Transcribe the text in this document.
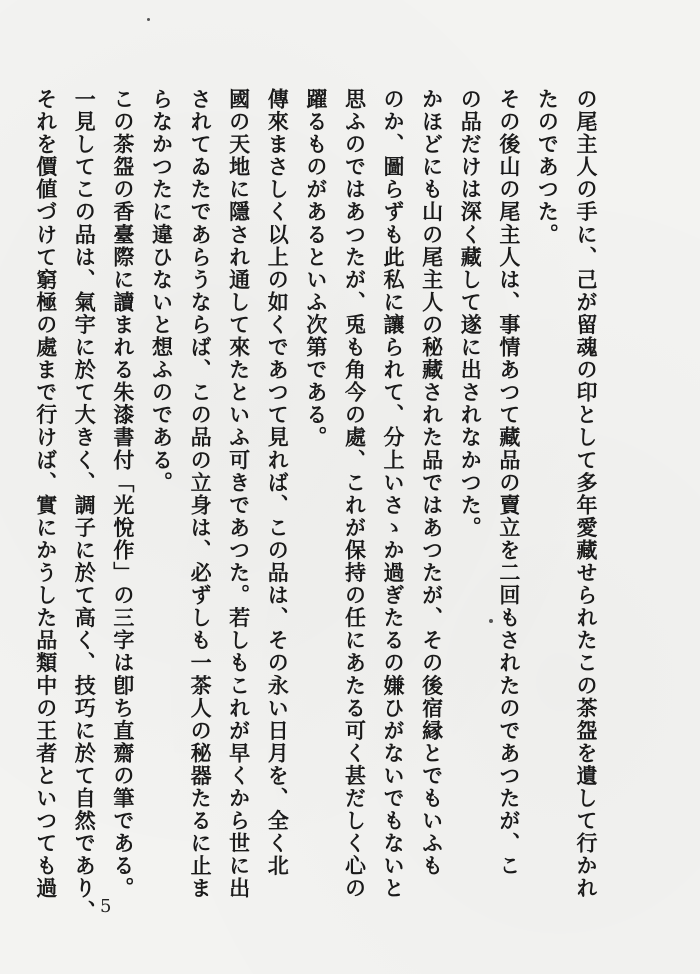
の尾主人の手に、己が留魂の印として多年愛藏せられたこの茶盌を遺して行かれ
たのであつた。
その後山の尾主人は、事情あつて藏品の賣立を二回もされたのであつたが、こ
の品だけは深く藏して遂に出されなかつた。
かほどにも山の尾主人の秘藏された品ではあつたが、その後宿縁とでもいふも
のか、圖らずも此私に讓られて、分上いさゝか過ぎたるの嫌ひがないでもないと
思ふのではあつたが、兎も角今の處、これが保持の任にあたる可く甚だしく心の
躍るものがあるといふ次第である。
傳來まさしく以上の如くであつて見れば、この品は、その永い日月を、全く北
國の天地に隱され通して來たといふ可きであつた。若しもこれが早くから世に出
されてゐたであらうならば、この品の立身は、必ずしも一茶人の秘器たるに止ま
らなかつたに違ひないと想ふのである。
この茶盌の香臺際に讀まれる朱漆書付「光悅作」の三字は卽ち直齋の筆である。
一見してこの品は、氣宇に於て大きく、調子に於て高く、技巧に於て自然であり、
それを價値づけて窮極の處まで行けば、實にかうした品類中の王者といつても過
5
